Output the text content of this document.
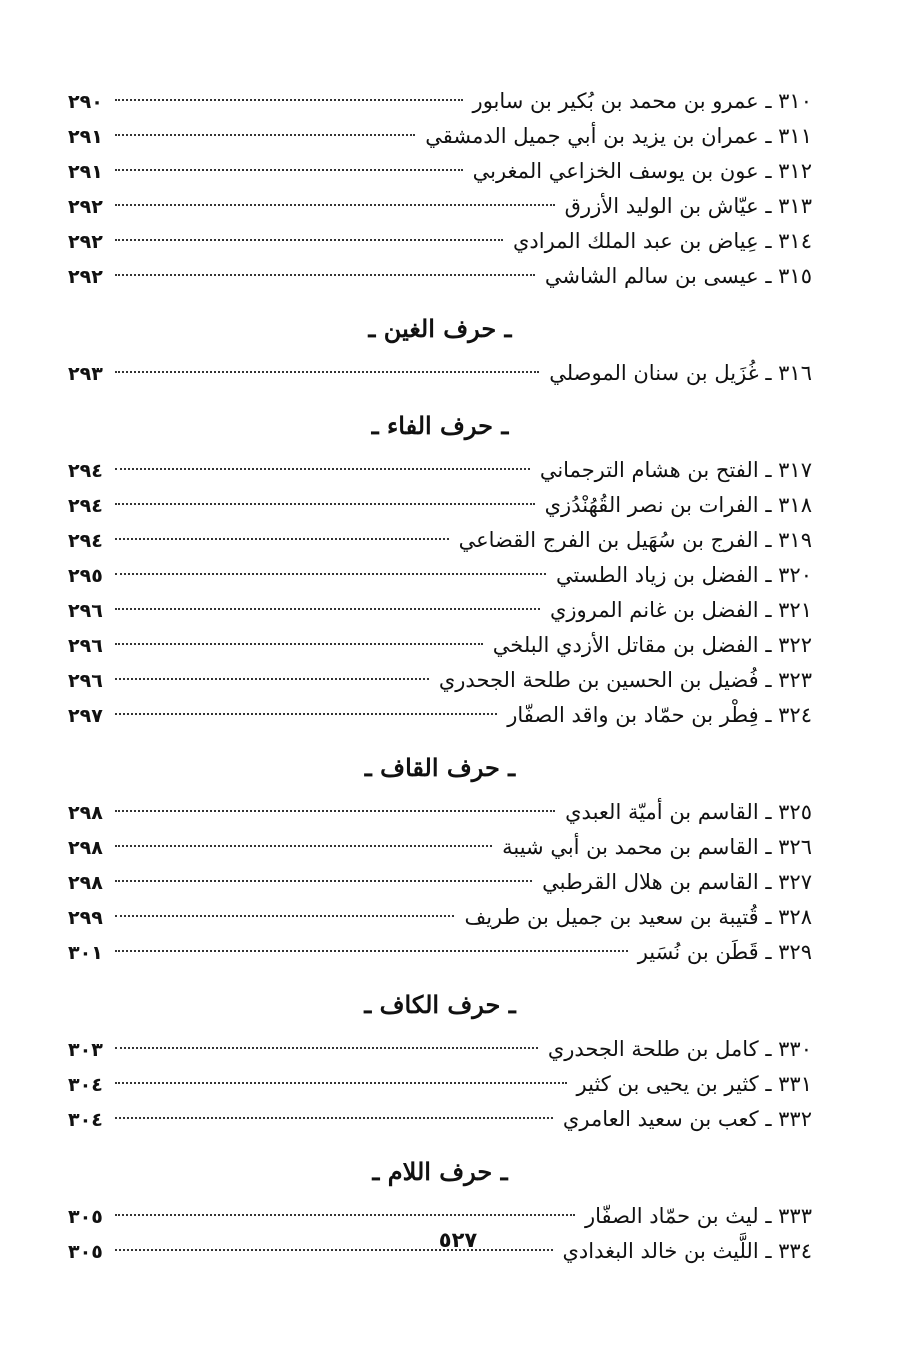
٣١٠ ـ عمرو بن محمد بن بُكير بن سابور
٢٩٠
٣١١ ـ عمران بن يزيد بن أبي جميل الدمشقي
٢٩١
٣١٢ ـ عون بن يوسف الخزاعي المغربي
٢٩١
٣١٣ ـ عيّاش بن الوليد الأزرق
٢٩٢
٣١٤ ـ عِياض بن عبد الملك المرادي
٢٩٢
٣١٥ ـ عيسى بن سالم الشاشي
٢٩٢
ـ حرف الغين ـ
٣١٦ ـ غُزَيل بن سنان الموصلي
٢٩٣
ـ حرف الفاء ـ
٣١٧ ـ الفتح بن هشام الترجماني
٢٩٤
٣١٨ ـ الفرات بن نصر القُهُنْدُزي
٢٩٤
٣١٩ ـ الفرج بن سُهَيل بن الفرج القضاعي
٢٩٤
٣٢٠ ـ الفضل بن زياد الطستي
٢٩٥
٣٢١ ـ الفضل بن غانم المروزي
٢٩٦
٣٢٢ ـ الفضل بن مقاتل الأزدي البلخي
٢٩٦
٣٢٣ ـ فُضيل بن الحسين بن طلحة الجحدري
٢٩٦
٣٢٤ ـ فِطْر بن حمّاد بن واقد الصفّار
٢٩٧
ـ حرف القاف ـ
٣٢٥ ـ القاسم بن أميّة العبدي
٢٩٨
٣٢٦ ـ القاسم بن محمد بن أبي شيبة
٢٩٨
٣٢٧ ـ القاسم بن هلال القرطبي
٢٩٨
٣٢٨ ـ قُتيبة بن سعيد بن جميل بن طريف
٢٩٩
٣٢٩ ـ قَطَن بن نُسَير
٣٠١
ـ حرف الكاف ـ
٣٣٠ ـ كامل بن طلحة الجحدري
٣٠٣
٣٣١ ـ كثير بن يحيى بن كثير
٣٠٤
٣٣٢ ـ كعب بن سعيد العامري
٣٠٤
ـ حرف اللام ـ
٣٣٣ ـ ليث بن حمّاد الصفّار
٣٠٥
٣٣٤ ـ اللَّيث بن خالد البغدادي
٣٠٥	٥٢٧
